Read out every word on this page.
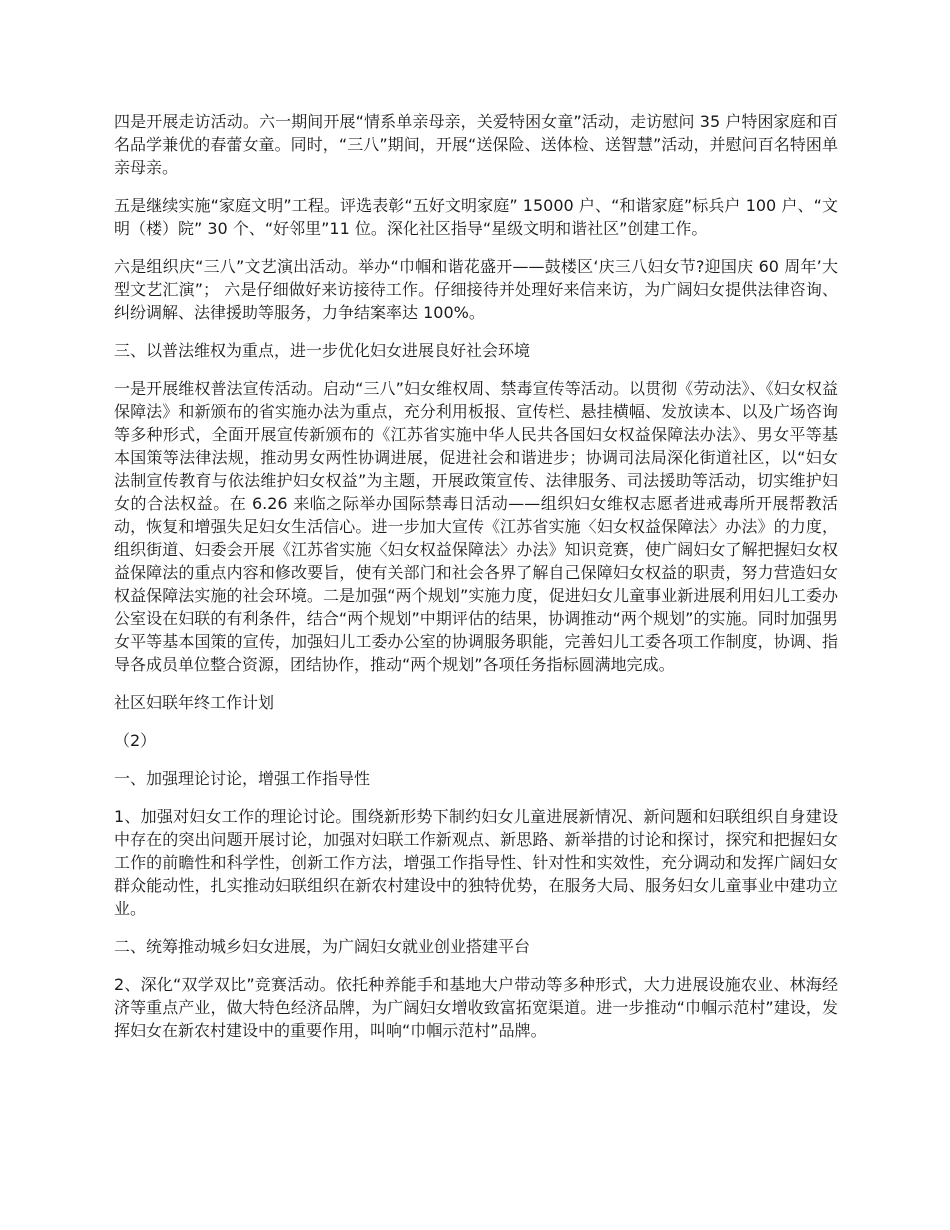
四是开展走访活动。六一期间开展“情系单亲母亲，关爱特困女童”活动，走访慰问 35 户特困家庭和百名品学兼优的春蕾女童。同时，“三八”期间，开展“送保险、送体检、送智慧”活动，并慰问百名特困单亲母亲。

五是继续实施“家庭文明”工程。评选表彰“五好文明家庭” 15000 户、“和谐家庭”标兵户 100 户、“文明（楼）院” 30 个、“好邻里”11 位。深化社区指导“星级文明和谐社区”创建工作。

六是组织庆“三八”文艺演出活动。举办“巾帼和谐花盛开——鼓楼区‘庆三八妇女节?迎国庆 60 周年’大型文艺汇演”； 六是仔细做好来访接待工作。仔细接待并处理好来信来访，为广阔妇女提供法律咨询、纠纷调解、法律援助等服务，力争结案率达 100%。

三、以普法维权为重点，进一步优化妇女进展良好社会环境

一是开展维权普法宣传活动。启动“三八”妇女维权周、禁毒宣传等活动。以贯彻《劳动法》、《妇女权益保障法》和新颁布的省实施办法为重点，充分利用板报、宣传栏、悬挂横幅、发放读本、以及广场咨询等多种形式，全面开展宣传新颁布的《江苏省实施中华人民共各国妇女权益保障法办法》、男女平等基本国策等法律法规，推动男女两性协调进展，促进社会和谐进步；协调司法局深化街道社区，以“妇女法制宣传教育与依法维护妇女权益”为主题，开展政策宣传、法律服务、司法援助等活动，切实维护妇女的合法权益。在 6.26 来临之际举办国际禁毒日活动——组织妇女维权志愿者进戒毒所开展帮教活动，恢复和增强失足妇女生活信心。进一步加大宣传《江苏省实施〈妇女权益保障法〉办法》的力度，组织街道、妇委会开展《江苏省实施〈妇女权益保障法〉办法》知识竞赛，使广阔妇女了解把握妇女权益保障法的重点内容和修改要旨，使有关部门和社会各界了解自己保障妇女权益的职责，努力营造妇女权益保障法实施的社会环境。二是加强“两个规划”实施力度，促进妇女儿童事业新进展利用妇儿工委办公室设在妇联的有利条件，结合“两个规划”中期评估的结果，协调推动“两个规划”的实施。同时加强男女平等基本国策的宣传，加强妇儿工委办公室的协调服务职能，完善妇儿工委各项工作制度，协调、指导各成员单位整合资源，团结协作，推动“两个规划”各项任务指标圆满地完成。

社区妇联年终工作计划

（2）

一、加强理论讨论，增强工作指导性

1、加强对妇女工作的理论讨论。围绕新形势下制约妇女儿童进展新情况、新问题和妇联组织自身建设中存在的突出问题开展讨论，加强对妇联工作新观点、新思路、新举措的讨论和探讨，探究和把握妇女工作的前瞻性和科学性，创新工作方法，增强工作指导性、针对性和实效性，充分调动和发挥广阔妇女群众能动性，扎实推动妇联组织在新农村建设中的独特优势，在服务大局、服务妇女儿童事业中建功立业。

二、统筹推动城乡妇女进展，为广阔妇女就业创业搭建平台

2、深化“双学双比”竞赛活动。依托种养能手和基地大户带动等多种形式，大力进展设施农业、林海经济等重点产业，做大特色经济品牌，为广阔妇女增收致富拓宽渠道。进一步推动“巾帼示范村”建设，发挥妇女在新农村建设中的重要作用，叫响“巾帼示范村”品牌。
